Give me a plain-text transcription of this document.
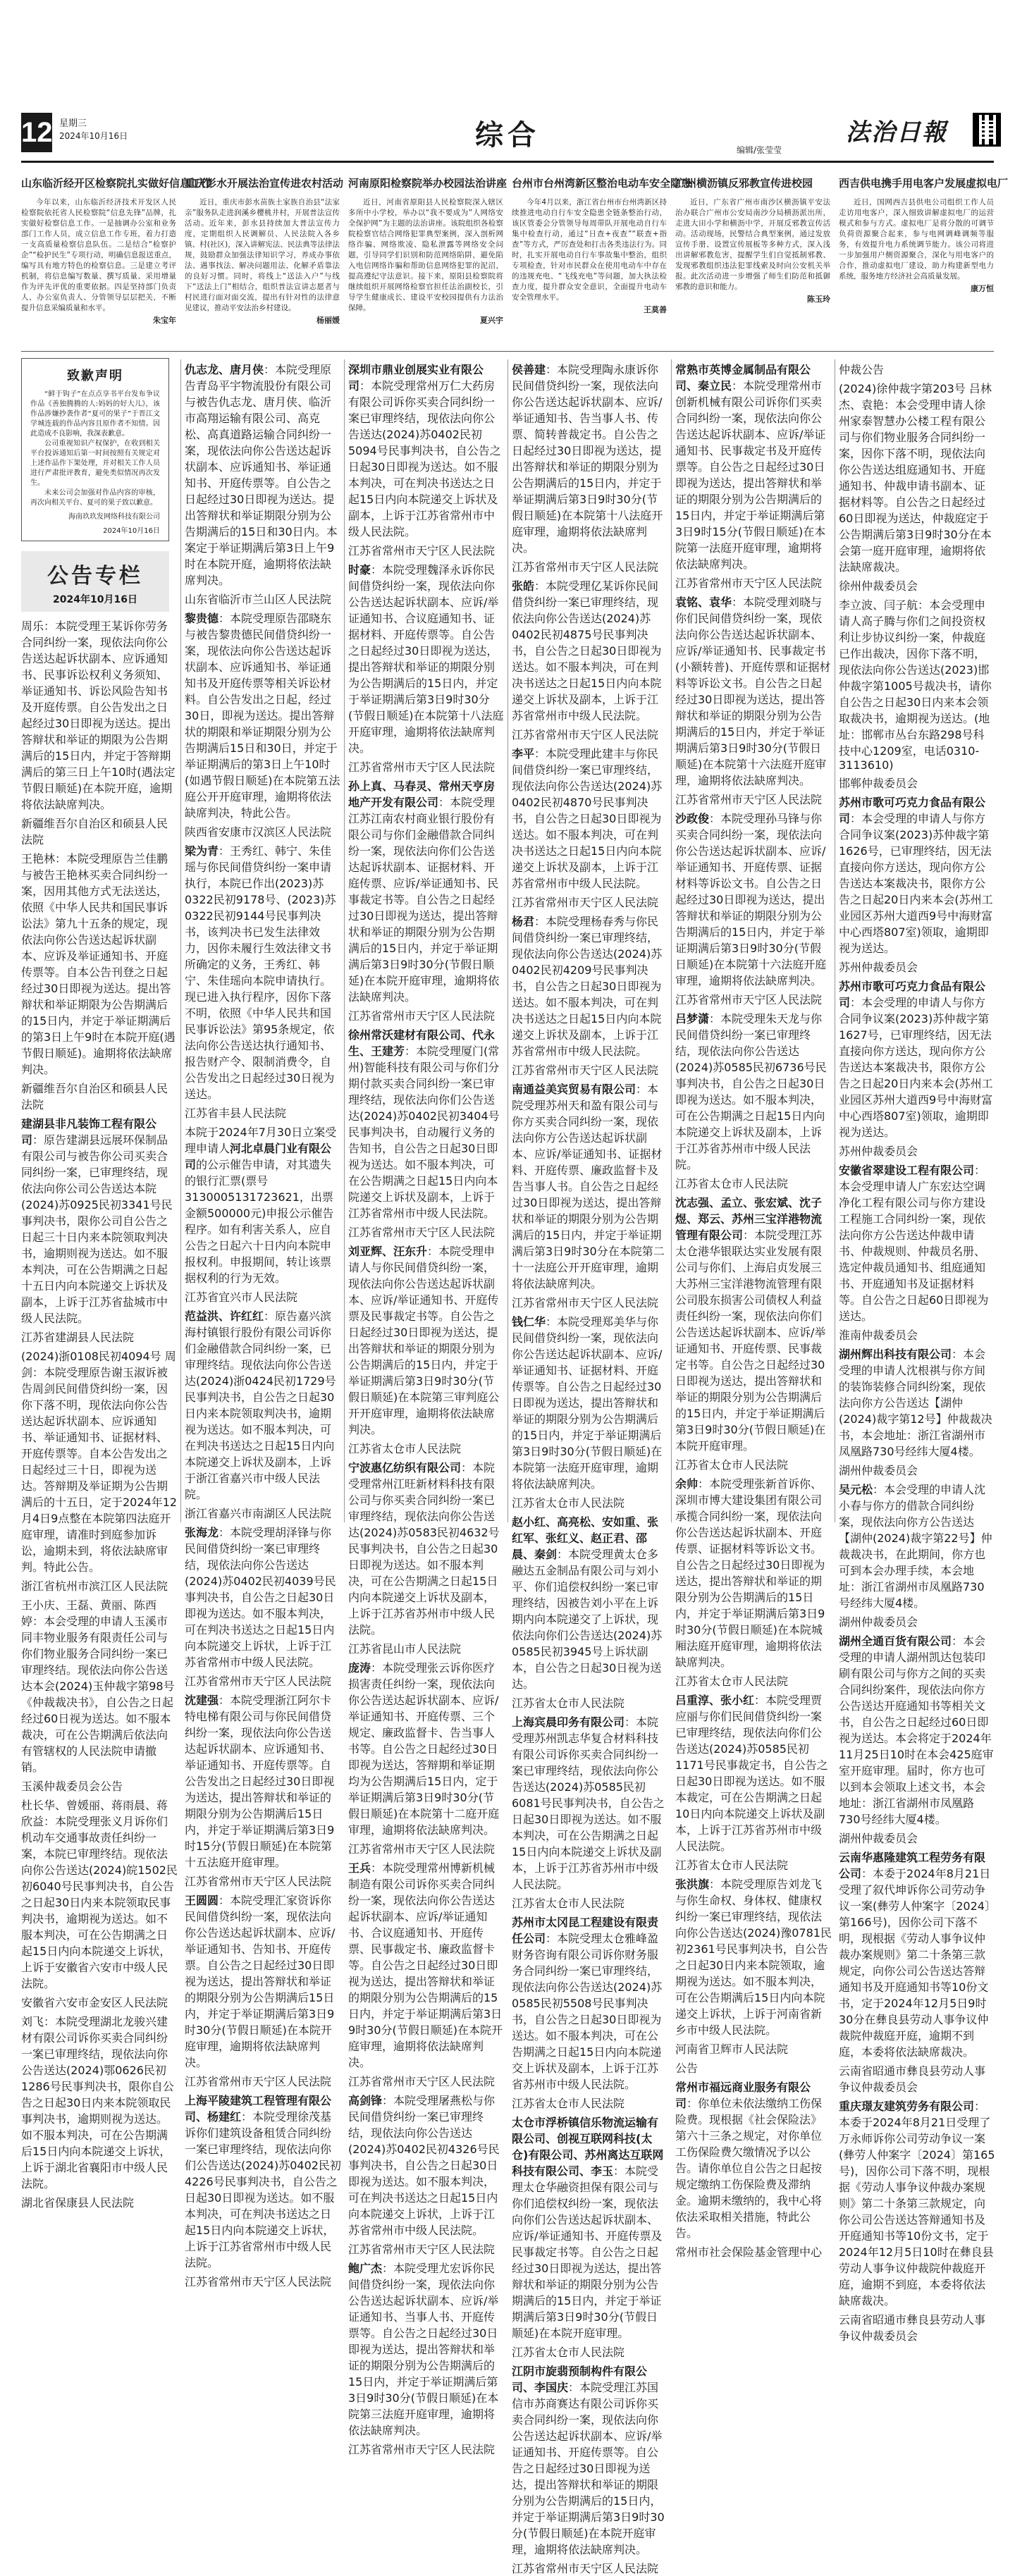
12 星期三
2024年10月16日	综合	编辑/张莹莹
法治日報
山东临沂经开区检察院扎实做好信息工作

今年以来，山东临沂经济技术开发区人民检察院依托省人民检察院“信息先锋”品牌，扎实做好检察信息工作。一是抽调办公室和业务部门工作人员，成立信息工作专班，着力打造一支高质量检察信息队伍。二是结合“检察护企”“检护民生”专项行动，明确信息报送重点，编写具有地方特色的检察信息。三是建立考评机制，将信息编写数量、撰写质量、采用增量作为评先评优的重要依据。四是坚持部门负责人、办公室负责人、分管领导层层把关，不断提升信息采编质量和水平。

朱宝年

重庆彭水开展法治宣传进农村活动

近日，重庆市彭水苗族土家族自治县“法家亲”服务队走进润溪乡樱桃井村，开展普法宣传活动。近年来，彭水县持续加大普法宣传力度，定期组织人民调解员、人民法院入各乡镇、村(社区)，深入讲解宪法、民法典等法律法规，鼓励群众加强法律知识学习，养成办事依法、遇事找法、解决问题用法、化解矛盾靠法的良好习惯。同时，将线上“送法入户”与线下“送法上门”相结合，组织普法宣讲志愿者与村民进行面对面交流，提出有针对性的法律意见建议，推动平安法治乡村建设。

杨丽媛

河南原阳检察院举办校园法治讲座

近日，河南省原阳县人民检察院深入辖区多所中小学校，举办以“我不要成为”人网络安全保护网”为主题的法治讲座。该院组织各检察院检察官结合网络犯罪典型案例，深入剖析网络诈骗、网络欺凌、隐私泄露等网络安全问题，引导同学们识别和防范网络陷阱，避免陷入电信网络诈骗和帮助信息网络犯罪的泥沼，提高遵纪守法意识。接下来，原阳县检察院将继续组织开展网络检察官担任法治副校长，引导学生健康成长、建设平安校园提供有力法治保障。

夏兴宇

台州市台州湾新区整治电动车安全隐患

今年4月以来，浙江省台州市台州湾新区持续推进电动自行车安全隐患全链条整治行动，该区管委会分管领导每周带队开展电动自行车集中检查行动，通过“日查+夜查”“联查+指查”等方式，严厉查处和打击各类违法行为。同时，扎实开展电动自行车事故集中整治，组织专项检查，针对市民群众在使用电动车中存在的违规充电、“飞线充电”等问题，加大执法检查力度，提升群众安全意识，全面提升电动车安全管理水平。

王莫善

广州横沥镇反邪教宣传进校园

近日，广东省广州市南沙区横沥镇平安法治办联合广州市公安局南沙分局横沥派出所，走进大田小学和横沥中学，开展反邪教宣传活动。活动现场，民警结合典型案例，通过发放宣传手册、设置宣传展板等多种方式，深入浅出讲解邪教危害，提醒学生们自觉抵制邪教、发现邪教组织违法犯罪线索及时向公安机关举报。此次活动进一步增强了师生们防范和抵御邪教的意识和能力。

陈玉玲

西吉供电携手用电客户发展虚拟电厂

近日，国网西吉县供电公司组织工作人员走访用电客户，深入细致讲解虚拟电厂的运营模式和参与方式。虚拟电厂是将分散的可调节负荷资源聚合起来，参与电网调峰调频等服务，有效提升电力系统调节能力。该公司将进一步加强用户侧资源聚合，深化与用电客户的合作，推动虚拟电厂建设，助力构建新型电力系统，服务地方经济社会高质量发展。

康万恒

致歉声明

“鲜于钩子”在点点享书平台发布争议作品《善独腾腾的人:妈妈的好大儿》，该作品涉嫌抄袭作者“夏可的果子”于晋江文学城连载的作品内容且原作者不知情。因此造成不良影响，我深表歉意。

公司重视知识产权保护，在收到相关平台投诉通知后第一时间按照有关规定对上述作品作下架处理，并对相关工作人员进行严肃批评教育，避免类似情况再次发生。

未来公司会加强对作品内容的审核，再次向相关平台、夏可的果子致以歉意。

海南玖玖发网络科技有限公司

2024年10月16日

公告专栏
2024年10月16日
周乐：本院受理王某诉你劳务合同纠纷一案，现依法向你公告送达起诉状副本、应诉通知书、民事诉讼权利义务须知、举证通知书、诉讼风险告知书及开庭传票。自公告发出之日起经过30日即视为送达。提出答辩状和举证的期限为公告期满后的15日内，并定于答辩期满后的第三日上午10时(遇法定节假日顺延)在本院开庭，逾期将依法缺席判决。
新疆维吾尔自治区和硕县人民法院
王艳林：本院受理原告兰佳鹏与被告王艳林买卖合同纠纷一案，因用其他方式无法送达，依照《中华人民共和国民事诉讼法》第九十五条的规定，现依法向你公告送达起诉状副本、应诉及举证通知书、开庭传票等。自本公告刊登之日起经过30日即视为送达。提出答辩状和举证期限为公告期满后的15日内，并定于举证期满后的第3日上午9时在本院开庭(遇节假日顺延)。逾期将依法缺席判决。
新疆维吾尔自治区和硕县人民法院
建湖县非凡装饰工程有限公司：原告建湖县远展环保制品有限公司与被告你公司买卖合同纠纷一案，已审理终结，现依法向你公司公告送达本院(2024)苏0925民初3341号民事判决书，限你公司自公告之日起三十日内来本院领取判决书，逾期则视为送达。如不服本判决，可在公告期满之日起十五日内向本院递交上诉状及副本，上诉于江苏省盐城市中级人民法院。
江苏省建湖县人民法院
(2024)浙0108民初4094号 周剑：本院受理原告谢玉淑诉被告周剑民间借贷纠纷一案，因你下落不明，现依法向你公告送达起诉状副本、应诉通知书、举证通知书、证据材料、开庭传票等。自本公告发出之日起经过三十日，即视为送达。答辩期及举证期为公告期满后的十五日，定于2024年12月4日9点整在本院第四法庭开庭审理，请准时到庭参加诉讼，逾期未到，将依法缺席审判。特此公告。
浙江省杭州市滨江区人民法院
王小庆、王磊、黄丽、陈西婷：本会受理的申请人玉溪市同丰物业服务有限责任公司与你们物业服务合同纠纷一案已审理终结。现依法向你公告送达本会(2024)玉仲裁字第98号《仲裁裁决书》，自公告之日起经过60日视为送达。如不服本裁决，可在公告期满后依法向有管辖权的人民法院申请撤销。
玉溪仲裁委员会公告
杜长华、曾媛丽、蒋雨晨、蒋欣益：本院受理张义月诉你们机动车交通事故责任纠纷一案，本院已审理终结。现依法向你公告送达(2024)皖1502民初6040号民事判决书，自公告之日起30日内来本院领取民事判决书，逾期视为送达。如不服本判决，可在公告期满之日起15日内向本院递交上诉状，上诉于安徽省六安市中级人民法院。
安徽省六安市金安区人民法院
刘飞：本院受理湖北龙骏兴建材有限公司诉你买卖合同纠纷一案已审理终结，现依法向你公告送达(2024)鄂0626民初1286号民事判决书，限你自公告之日起30日内来本院领取民事判决书，逾期则视为送达。如不服本判决，可在公告期满后15日内向本院递交上诉状，上诉于湖北省襄阳市中级人民法院。
湖北省保康县人民法院
仇志龙、唐月侠：本院受理原告青岛平宇物流股份有限公司与被告仇志龙、唐月侠、临沂市高翔运输有限公司、高克松、高真道路运输合同纠纷一案，现依法向你公告送达起诉状副本、应诉通知书、举证通知书、开庭传票等。自公告之日起经过30日即视为送达。提出答辩状和举证期限分别为公告期满后的15日和30日内。本案定于举证期满后第3日上午9时在本院开庭，逾期将依法缺席判决。
山东省临沂市兰山区人民法院
黎贵德：本院受理原告邵晓东与被告黎贵德民间借贷纠纷一案，现依法向你公告送达起诉状副本、应诉通知书、举证通知书及开庭传票等相关诉讼材料。自公告发出之日起，经过30日，即视为送达。提出答辩状的期限和举证期限分别为公告期满后15日和30日，并定于举证期满后的第3日上午10时(如遇节假日顺延)在本院第五法庭公开开庭审理，逾期将依法缺席判决，特此公告。
陕西省安康市汉滨区人民法院
梁为青：王秀红、韩宁、朱佳瑶与你民间借贷纠纷一案申请执行，本院已作出(2023)苏0322民初9178号、(2023)苏0322民初9144号民事判决书，该判决书已发生法律效力，因你未履行生效法律文书所确定的义务，王秀红、韩宁、朱佳瑶向本院申请执行。现已进入执行程序，因你下落不明，依照《中华人民共和国民事诉讼法》第95条规定，依法向你公告送达执行通知书、报告财产令、限制消费令，自公告发出之日起经过30日视为送达。
江苏省丰县人民法院
本院于2024年7月30日立案受理申请人河北卓晨门业有限公司的公示催告申请，对其遗失的银行汇票(票号3130005131723621，出票金额500000元)申报公示催告程序。如有利害关系人，应自公告之日起六十日内向本院申报权利。申报期间，转让该票据权利的行为无效。
江苏省宜兴市人民法院
范益洪、许红红：原告嘉兴滨海村镇银行股份有限公司诉你们金融借款合同纠纷一案，已审理终结。现依法向你公告送达(2024)浙0424民初1729号民事判决书，自公告之日起30日内来本院领取判决书，逾期视为送达。如不服本判决，可在判决书送达之日起15日内向本院递交上诉状及副本，上诉于浙江省嘉兴市中级人民法院。
浙江省嘉兴市南湖区人民法院
张海龙：本院受理胡泽锋与你民间借贷纠纷一案已审理终结，现依法向你公告送达(2024)苏0402民初4039号民事判决书，自公告之日起30日即视为送达。如不服本判决，可在判决书送达之日起15日内向本院递交上诉状，上诉于江苏省常州市中级人民法院。
江苏省常州市天宁区人民法院
沈建强：本院受理浙江阿尔卡特电梯有限公司与你民间借贷纠纷一案，现依法向你公告送达起诉状副本、应诉通知书、举证通知书、开庭传票等。自公告发出之日起经过30日即视为送达，提出答辩状和举证的期限分别为公告期满后15日内，并定于举证期满后第3日9时15分(节假日顺延)在本院第十五法庭开庭审理。
江苏省常州市天宁区人民法院
王圆圆：本院受理汇家资诉你民间借贷纠纷一案，现依法向你公告送达起诉状副本、应诉/举证通知书、告知书、开庭传票。自公告之日起经过30日即视为送达，提出答辩状和举证的期限分别为公告期满后15日内，并定于举证期满后第3日9时30分(节假日顺延)在本院开庭审理，逾期将依法缺席判决。
江苏省常州市天宁区人民法院
上海平陵建筑工程管理有限公司、杨建红：本院受理徐茂基诉你们建筑设备租赁合同纠纷一案已审理终结，现依法向你们公告送达(2024)苏0402民初4226号民事判决书，自公告之日起30日即视为送达。如不服本判决，可在判决书送达之日起15日内向本院递交上诉状，上诉于江苏省常州市中级人民法院。
江苏省常州市天宁区人民法院
深圳市鼎业创展实业有限公司：本院受理常州万仁大药房有限公司诉你买卖合同纠纷一案已审理终结，现依法向你公告送达(2024)苏0402民初5094号民事判决书，自公告之日起30日即视为送达。如不服本判决，可在判决书送达之日起15日内向本院递交上诉状及副本，上诉于江苏省常州市中级人民法院。
江苏省常州市天宁区人民法院
时豪：本院受理魏泽永诉你民间借贷纠纷一案，现依法向你公告送达起诉状副本、应诉/举证通知书、合议庭通知书、证据材料、开庭传票等。自公告之日起经过30日即视为送达，提出答辩状和举证的期限分别为公告期满后的15日内，并定于举证期满后第3日9时30分(节假日顺延)在本院第十八法庭开庭审理，逾期将依法缺席判决。
江苏省常州市天宁区人民法院
孙上真、马春灵、常州天亨房地产开发有限公司：本院受理江苏江南农村商业银行股份有限公司与你们金融借款合同纠纷一案，现依法向你们公告送达起诉状副本、证据材料、开庭传票、应诉/举证通知书、民事裁定书等。自公告之日起经过30日即视为送达，提出答辩状和举证的期限分别为公告期满后的15日内，并定于举证期满后第3日9时30分(节假日顺延)在本院开庭审理，逾期将依法缺席判决。
江苏省常州市天宁区人民法院
徐州常沃建材有限公司、代永生、王建芳：本院受理厦门(常州)智能科技有限公司与你们分期付款买卖合同纠纷一案已审理终结，现依法向你们公告送达(2024)苏0402民初3404号民事判决书，自动履行义务的告知书，自公告之日起30日即视为送达。如不服本判决，可在公告期满之日起15日内向本院递交上诉状及副本，上诉于江苏省常州市中级人民法院。
江苏省常州市天宁区人民法院
刘亚辉、汪东升：本院受理申请人与你民间借贷纠纷一案，现依法向你公告送达起诉状副本、应诉/举证通知书、开庭传票及民事裁定书等。自公告之日起经过30日即视为送达，提出答辩状和举证的期限分别为公告期满后的15日内，并定于举证期满后第3日9时30分(节假日顺延)在本院第三审判庭公开开庭审理，逾期将依法缺席判决。
江苏省太仓市人民法院
宁波惠亿纺织有限公司：本院受理常州江旺新材料科技有限公司与你买卖合同纠纷一案已审理终结，现依法向你公告送达(2024)苏0583民初4632号民事判决书，自公告之日起30日即视为送达。如不服本判决，可在公告期满之日起15日内向本院递交上诉状及副本，上诉于江苏省苏州市中级人民法院。
江苏省昆山市人民法院
庞涛：本院受理张云诉你医疗损害责任纠纷一案，现依法向你公告送达起诉状副本、应诉/举证通知书、开庭传票、三个规定、廉政监督卡、告当事人书等。自公告之日起经过30日即视为送达，答辩期和举证期均为公告期满后15日内，定于举证期满后第3日9时30分(节假日顺延)在本院第十二庭开庭审理，逾期将依法缺席判决。
江苏省常州市天宁区人民法院
王兵：本院受理常州博新机械制造有限公司诉你买卖合同纠纷一案，现依法向你公告送达起诉状副本、应诉/举证通知书、合议庭通知书、开庭传票、民事裁定书、廉政监督卡等。自公告之日起经过30日即视为送达，提出答辩状和举证的期限分别为公告期满后的15日内，并定于举证期满后第3日9时30分(节假日顺延)在本院开庭审理，逾期将依法缺席判决。
江苏省常州市天宁区人民法院
高剑锋：本院受理屠燕松与你民间借贷纠纷一案已审理终结，现依法向你公告送达(2024)苏0402民初4326号民事判决书，自公告之日起30日即视为送达。如不服本判决，可在判决书送达之日起15日内向本院递交上诉状，上诉于江苏省常州市中级人民法院。
江苏省常州市天宁区人民法院
鲍广杰：本院受理尤宏诉你民间借贷纠纷一案，现依法向你公告送达起诉状副本、应诉/举证通知书、当事人书、开庭传票等。自公告之日起经过30日即视为送达，提出答辩状和举证的期限分别为公告期满后的15日内，并定于举证期满后第3日9时30分(节假日顺延)在本院第三法庭开庭审理，逾期将依法缺席判决。
江苏省常州市天宁区人民法院
侯善建：本院受理陶永康诉你民间借贷纠纷一案，现依法向你公告送达起诉状副本、应诉/举证通知书、告当事人书、传票、简转普裁定书。自公告之日起经过30日即视为送达，提出答辩状和举证的期限分别为公告期满后的15日内，并定于举证期满后第3日9时30分(节假日顺延)在本院第十八法庭开庭审理，逾期将依法缺席判决。
江苏省常州市天宁区人民法院
张皓：本院受理亿某诉你民间借贷纠纷一案已审理终结，现依法向你公告送达(2024)苏0402民初4875号民事判决书，自公告之日起30日即视为送达。如不服本判决，可在判决书送达之日起15日内向本院递交上诉状及副本，上诉于江苏省常州市中级人民法院。
江苏省常州市天宁区人民法院
李平：本院受理此建丰与你民间借贷纠纷一案已审理终结，现依法向你公告送达(2024)苏0402民初4870号民事判决书，自公告之日起30日即视为送达。如不服本判决，可在判决书送达之日起15日内向本院递交上诉状及副本，上诉于江苏省常州市中级人民法院。
江苏省常州市天宁区人民法院
杨君：本院受理杨春秀与你民间借贷纠纷一案已审理终结，现依法向你公告送达(2024)苏0402民初4209号民事判决书，自公告之日起30日即视为送达。如不服本判决，可在判决书送达之日起15日内向本院递交上诉状及副本，上诉于江苏省常州市中级人民法院。
江苏省常州市天宁区人民法院
南通益美宾贸易有限公司：本院受理苏州天和盈有限公司与你方买卖合同纠纷一案，现依法向你方公告送达起诉状副本、应诉/举证通知书、证据材料、开庭传票、廉政监督卡及告当事人书。自公告之日起经过30日即视为送达，提出答辩状和举证的期限分别为公告期满后的15日内，并定于举证期满后第3日9时30分在本院第二十一法庭公开开庭审理，逾期将依法缺席判决。
江苏省常州市天宁区人民法院
钱仁华：本院受理郑美华与你民间借贷纠纷一案，现依法向你公告送达起诉状副本、应诉/举证通知书、证据材料、开庭传票等。自公告之日起经过30日即视为送达，提出答辩状和举证的期限分别为公告期满后的15日内，并定于举证期满后第3日9时30分(节假日顺延)在本院第一法庭开庭审理，逾期将依法缺席判决。
江苏省太仓市人民法院
赵小红、高亮松、安如重、张红军、张红义、赵正君、邵晨、秦剑：本院受理黄太仓多融达五金制品有限公司与刘小平、你们追偿权纠纷一案已审理终结，因被告刘小平在上诉期内向本院递交了上诉状，现依法向你们公告送达(2024)苏0585民初3945号上诉状副本，自公告之日起30日视为送达。
江苏省太仓市人民法院
上海宾晨印务有限公司：本院受理苏州凯志华复合材料科技有限公司诉你买卖合同纠纷一案已审理终结，现依法向你公告送达(2024)苏0585民初6081号民事判决书，自公告之日起30日即视为送达。如不服本判决，可在公告期满之日起15日内向本院递交上诉状及副本，上诉于江苏省苏州市中级人民法院。
江苏省太仓市人民法院
苏州市太冈昆工程建设有限责任公司：本院受理太仓雅峰盈财务咨询有限公司诉你财务服务合同纠纷一案已审理终结，现依法向你公告送达(2024)苏0585民初5508号民事判决书，自公告之日起30日即视为送达。如不服本判决，可在公告期满之日起15日内向本院递交上诉状及副本，上诉于江苏省苏州市中级人民法院。
江苏省太仓市人民法院
太仓市浮桥镇信乐物流运输有限公司、创视互联网科技(太仓)有限公司、苏州离达互联网科技有限公司、李玉：本院受理太仓华融资担保有限公司与你们追偿权纠纷一案，现依法向你们公告送达起诉状副本、应诉/举证通知书、开庭传票及民事裁定书等。自公告之日起经过30日即视为送达，提出答辩状和举证的期限分别为公告期满后的15日内，并定于举证期满后第3日9时30分(节假日顺延)在本院开庭审理。
江苏省太仓市人民法院
江阴市旋翡预制构件有限公司、李国庆：本院受理江苏国信市苏商赛达有限公司诉你买卖合同纠纷一案，现依法向你公告送达起诉状副本、应诉/举证通知书、开庭传票等。自公告之日起经过30日即视为送达，提出答辩状和举证的期限分别为公告期满后的15日内，并定于举证期满后第3日9时30分(节假日顺延)在本院开庭审理，逾期将依法缺席判决。
江苏省常州市天宁区人民法院
常熟市英博金属制品有限公司、秦立民：本院受理常州市创新机械有限公司诉你们买卖合同纠纷一案，现依法向你公告送达起诉状副本、应诉/举证通知书、民事裁定书及开庭传票等。自公告之日起经过30日即视为送达，提出答辩状和举证的期限分别为公告期满后的15日内，并定于举证期满后第3日9时15分(节假日顺延)在本院第一法庭开庭审理，逾期将依法缺席判决。
江苏省常州市天宁区人民法院
袁铭、袁华：本院受理刘晓与你们民间借贷纠纷一案，现依法向你公告送达起诉状副本、应诉/举证通知书、民事裁定书(小额转普)、开庭传票和证据材料等诉讼文书。自公告之日起经过30日即视为送达，提出答辩状和举证的期限分别为公告期满后的15日内，并定于举证期满后第3日9时30分(节假日顺延)在本院第十六法庭开庭审理，逾期将依法缺席判决。
江苏省常州市天宁区人民法院
沙政俊：本院受理孙马锋与你买卖合同纠纷一案，现依法向你公告送达起诉状副本、应诉/举证通知书、开庭传票、证据材料等诉讼文书。自公告之日起经过30日即视为送达，提出答辩状和举证的期限分别为公告期满后的15日内，并定于举证期满后第3日9时30分(节假日顺延)在本院第十六法庭开庭审理，逾期将依法缺席判决。
江苏省常州市天宁区人民法院
吕梦潇：本院受理朱天龙与你民间借贷纠纷一案已审理终结，现依法向你公告送达(2024)苏0585民初6736号民事判决书，自公告之日起30日即视为送达。如不服本判决，可在公告期满之日起15日内向本院递交上诉状及副本，上诉于江苏省苏州市中级人民法院。
江苏省太仓市人民法院
沈志强、孟立、张宏斌、沈子煜、郑云、苏州三宝洋港物流管理有限公司：本院受理江苏太仓港华银联达实业发展有限公司与你们、上海启贞发展三大苏州三宝洋港物流管理有限公司股东损害公司债权人利益责任纠纷一案，现依法向你们公告送达起诉状副本、应诉/举证通知书、开庭传票、民事裁定书等。自公告之日起经过30日即视为送达，提出答辩状和举证的期限分别为公告期满后的15日内，并定于举证期满后第3日9时30分(节假日顺延)在本院开庭审理。
江苏省太仓市人民法院
余帅：本院受理张新首诉你、深圳市博大建设集团有限公司承揽合同纠纷一案，现依法向你公告送达起诉状副本、开庭传票、证据材料等诉讼文书。自公告之日起经过30日即视为送达，提出答辩状和举证的期限分别为公告期满后的15日内，并定于举证期满后第3日9时30分(节假日顺延)在本院城厢法庭开庭审理，逾期将依法缺席判决。
江苏省太仓市人民法院
吕重淳、张小红：本院受理贾应丽与你们民间借贷纠纷一案已审理终结，现依法向你们公告送达(2024)苏0585民初1171号民事裁定书，自公告之日起30日即视为送达。如不服本裁定，可在公告期满之日起10日内向本院递交上诉状及副本，上诉于江苏省苏州市中级人民法院。
江苏省太仓市人民法院
张洪旗：本院受理原告刘龙飞与你生命权、身体权、健康权纠纷一案已审理终结，现依法向你公告送达(2024)豫0781民初2361号民事判决书，自公告之日起30日内来本院领取，逾期视为送达。如不服本判决，可在公告期满后15日内向本院递交上诉状，上诉于河南省新乡市中级人民法院。
河南省卫辉市人民法院
公告
常州市福远商业服务有限公司：你单位未依法缴纳工伤保险费。现根据《社会保险法》第六十三条之规定，对你单位工伤保险费欠缴情况予以公告。请你单位自公告之日起按规定缴纳工伤保险费及滞纳金。逾期未缴纳的，我中心将依法采取相关措施，特此公告。
常州市社会保险基金管理中心
仲裁公告
(2024)徐仲裁字第203号 吕林杰、袁艳：本会受理申请人徐州家泰智慧办公楼工程有限公司与你们物业服务合同纠纷一案，因你下落不明，现依法向你公告送达组庭通知书、开庭通知书、仲裁申请书副本、证据材料等。自公告之日起经过60日即视为送达，仲裁庭定于公告期满后第3日9时30分在本会第一庭开庭审理，逾期将依法缺席裁决。
徐州仲裁委员会
李立波、闫子航：本会受理申请人高子腾与你们之间投资权利让步协议纠纷一案，仲裁庭已作出裁决，因你下落不明，现依法向你公告送达(2023)邯仲裁字第1005号裁决书，请你自公告之日起30日内来本会领取裁决书，逾期视为送达。(地址：邯郸市丛台东路298号科技中心1209室，电话0310-3113610)
邯郸仲裁委员会
苏州市歌可巧克力食品有限公司：本会受理的申请人与你方合同争议案(2023)苏仲裁字第1626号，已审理终结，因无法直接向你方送达，现向你方公告送达本案裁决书，限你方公告之日起20日内来本会(苏州工业园区苏州大道西9号中海财富中心西塔807室)领取，逾期即视为送达。
苏州仲裁委员会
苏州市歌可巧克力食品有限公司：本会受理的申请人与你方合同争议案(2023)苏仲裁字第1627号，已审理终结，因无法直接向你方送达，现向你方公告送达本案裁决书，限你方公告之日起20日内来本会(苏州工业园区苏州大道西9号中海财富中心西塔807室)领取，逾期即视为送达。
苏州仲裁委员会
安徽省翠建设工程有限公司：本会受理申请人广东宏达空调净化工程有限公司与你方建设工程施工合同纠纷一案，现依法向你方公告送达仲裁申请书、仲裁规则、仲裁员名册、选定仲裁员通知书、组庭通知书、开庭通知书及证据材料等。自公告之日起60日即视为送达。
淮南仲裁委员会
湖州辉出科技有限公司：本会受理的申请人沈根祺与你方间的装饰装修合同纠纷案，现依法向你方公告送达【湖仲(2024)裁字第12号】仲裁裁决书，本会地址：浙江省湖州市凤凰路730号经纬大厦4楼。
湖州仲裁委员会
吴元松：本会受理的申请人沈小春与你方的借款合同纠纷案，现依法向你方公告送达【湖仲(2024)裁字第22号】仲裁裁决书，在此期间，你方也可到本会办理手续，本会地址：浙江省湖州市凤凰路730号经纬大厦4楼。
湖州仲裁委员会
湖州全通百货有限公司：本会受理的申请人湖州凯达包装印刷有限公司与你方之间的买卖合同纠纷案件，现依法向你方公告送达开庭通知书等相关文书，自公告之日起经过60日即视为送达。本会将定于2024年11月25日10时在本会425庭审室开庭审理。届时，你方也可以到本会领取上述文书，本会地址：浙江省湖州市凤凰路730号经纬大厦4楼。
湖州仲裁委员会
云南华惠隆建筑工程劳务有限公司：本委于2024年8月21日受理了叙代坤诉你公司劳动争议一案(彝劳人仲案字〔2024〕第166号)，因你公司下落不明，现根据《劳动人事争议仲裁办案规则》第二十条第三款规定，向你公司公告送达答辩通知书及开庭通知书等10份文书，定于2024年12月5日9时30分在彝良县劳动人事争议仲裁院仲裁庭开庭，逾期不到庭，本委将依法缺席裁决。
云南省昭通市彝良县劳动人事争议仲裁委员会
重庆璟友建筑劳务有限公司：本委于2024年8月21日受理了万永师诉你公司劳动争议一案(彝劳人仲案字〔2024〕第165号)，因你公司下落不明，现根据《劳动人事争议仲裁办案规则》第二十条第三款规定，向你公司公告送达答辩通知书及开庭通知书等10份文书，定于2024年12月5日10时在彝良县劳动人事争议仲裁院仲裁庭开庭，逾期不到庭，本委将依法缺席裁决。
云南省昭通市彝良县劳动人事争议仲裁委员会
